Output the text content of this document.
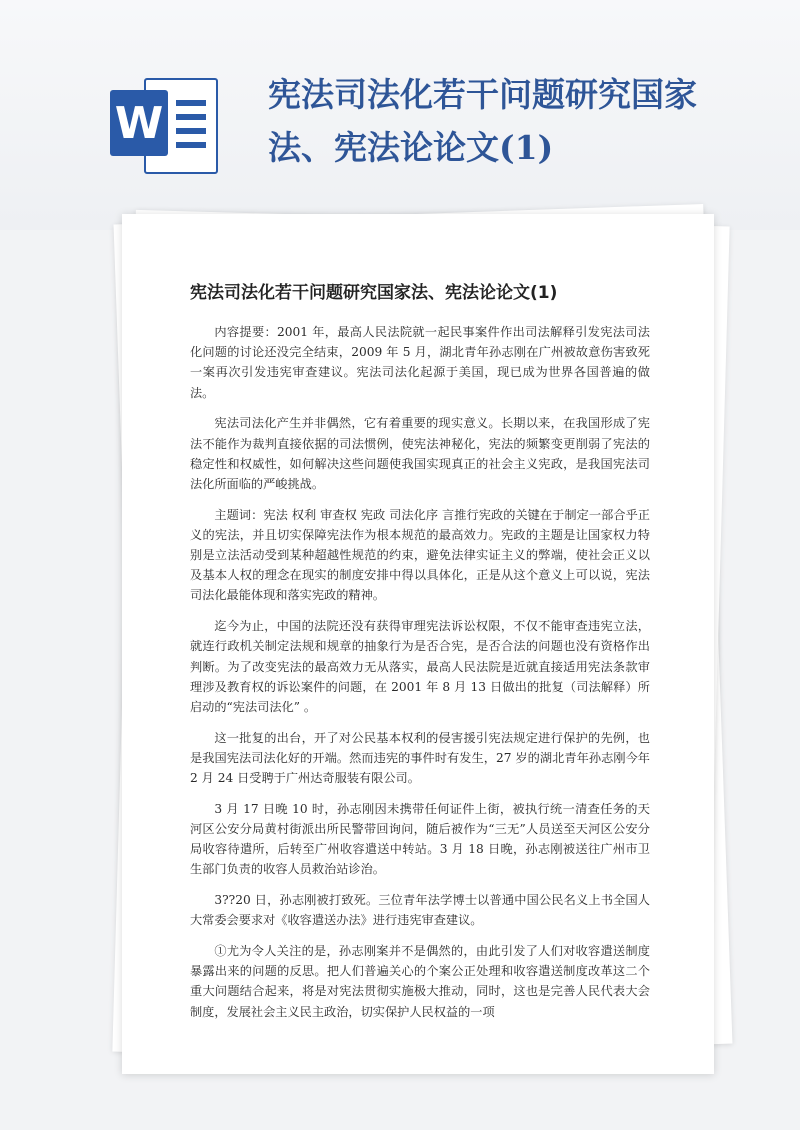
W
宪法司法化若干问题研究国家
法、宪法论论文(1)
宪法司法化若干问题研究国家法、宪法论论文(1)

内容提要：2001 年，最高人民法院就一起民事案件作出司法解释引发宪法司法化问题的讨论还没完全结束，2009 年 5 月，湖北青年孙志刚在广州被故意伤害致死一案再次引发违宪审查建议。宪法司法化起源于美国，现已成为世界各国普遍的做法。

宪法司法化产生并非偶然，它有着重要的现实意义。长期以来，在我国形成了宪法不能作为裁判直接依据的司法惯例，使宪法神秘化，宪法的频繁变更削弱了宪法的稳定性和权威性，如何解决这些问题使我国实现真正的社会主义宪政，是我国宪法司法化所面临的严峻挑战。

主题词：宪法 权利 审查权 宪政 司法化序 言推行宪政的关键在于制定一部合乎正义的宪法，并且切实保障宪法作为根本规范的最高效力。宪政的主题是让国家权力特别是立法活动受到某种超越性规范的约束，避免法律实证主义的弊端，使社会正义以及基本人权的理念在现实的制度安排中得以具体化，正是从这个意义上可以说，宪法司法化最能体现和落实宪政的精神。

迄今为止，中国的法院还没有获得审理宪法诉讼权限，不仅不能审查违宪立法，就连行政机关制定法规和规章的抽象行为是否合宪，是否合法的问题也没有资格作出判断。为了改变宪法的最高效力无从落实，最高人民法院是近就直接适用宪法条款审理涉及教育权的诉讼案件的问题，在 2001 年 8 月 13 日做出的批复（司法解释）所启动的“宪法司法化” 。

这一批复的出台，开了对公民基本权利的侵害援引宪法规定进行保护的先例，也是我国宪法司法化好的开端。然而违宪的事件时有发生，27 岁的湖北青年孙志刚今年 2 月 24 日受聘于广州达奇服装有限公司。

3 月 17 日晚 10 时，孙志刚因未携带任何证件上街，被执行统一清查任务的天河区公安分局黄村街派出所民警带回询问，随后被作为“三无”人员送至天河区公安分局收容待遣所，后转至广州收容遣送中转站。3 月 18 日晚，孙志刚被送往广州市卫生部门负责的收容人员救治站诊治。

3??20 日，孙志刚被打致死。三位青年法学博士以普通中国公民名义上书全国人大常委会要求对《收容遣送办法》进行违宪审查建议。

①尤为令人关注的是，孙志刚案并不是偶然的，由此引发了人们对收容遣送制度暴露出来的问题的反思。把人们普遍关心的个案公正处理和收容遣送制度改革这二个重大问题结合起来，将是对宪法贯彻实施极大推动，同时，这也是完善人民代表大会制度，发展社会主义民主政治，切实保护人民权益的一项
